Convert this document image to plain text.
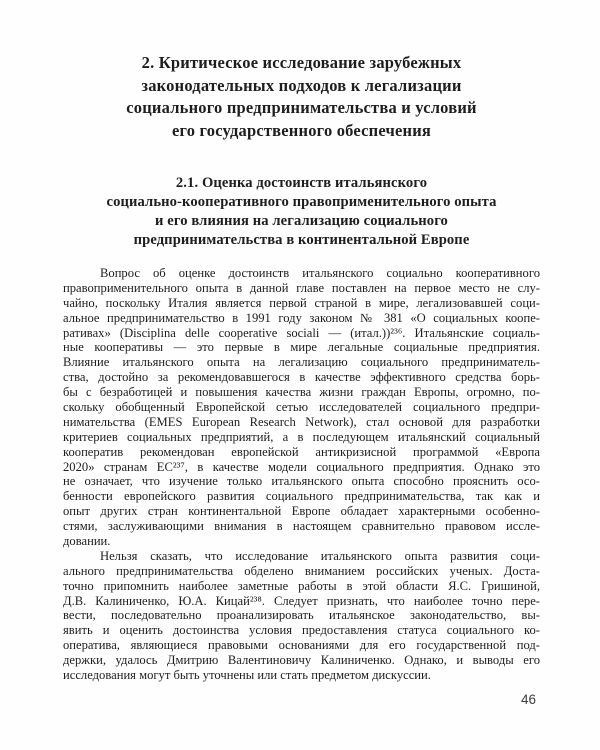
2. Критическое исследование зарубежных
законодательных подходов к легализации
социального предпринимательства и условий
его государственного обеспечения
2.1. Оценка достоинств итальянского
социально-кооперативного правоприменительного опыта
и его влияния на легализацию социального
предпринимательства в континентальной Европе
Вопрос об оценке достоинств итальянского социально кооперативного
правоприменительного опыта в данной главе поставлен на первое место не слу-
чайно, поскольку Италия является первой страной в мире, легализовавшей соци-
альное предпринимательство в 1991 году законом № 381 «О социальных коопе-
ративах» (Disciplina delle cooperative sociali — (итал.))²³⁶. Итальянские социаль-
ные кооперативы — это первые в мире легальные социальные предприятия.
Влияние итальянского опыта на легализацию социального предприниматель-
ства, достойно за рекомендовавшегося в качестве эффективного средства борь-
бы с безработицей и повышения качества жизни граждан Европы, огромно, по-
скольку обобщенный Европейской сетью исследователей социального предпри-
нимательства (EMES European Research Network), стал основой для разработки
критериев социальных предприятий, а в последующем итальянский социальный
кооператив рекомендован европейской антикризисной программой «Европа
2020» странам ЕС²³⁷, в качестве модели социального предприятия. Однако это
не означает, что изучение только итальянского опыта способно прояснить осо-
бенности европейского развития социального предпринимательства, так как и
опыт других стран континентальной Европе обладает характерными особенно-
стями, заслуживающими внимания в настоящем сравнительно правовом иссле-
довании.
Нельзя сказать, что исследование итальянского опыта развития соци-
ального предпринимательства обделено вниманием российских ученых. Доста-
точно припомнить наиболее заметные работы в этой области Я.С. Гришиной,
Д.В. Калиниченко, Ю.А. Кицай²³⁸. Следует признать, что наиболее точно пере-
вести, последовательно проанализировать итальянское законодательство, вы-
явить и оценить достоинства условия предоставления статуса социального ко-
оператива, являющиеся правовыми основаниями для его государственной под-
держки, удалось Дмитрию Валентиновичу Калиниченко. Однако, и выводы его
исследования могут быть уточнены или стать предметом дискуссии.
46
